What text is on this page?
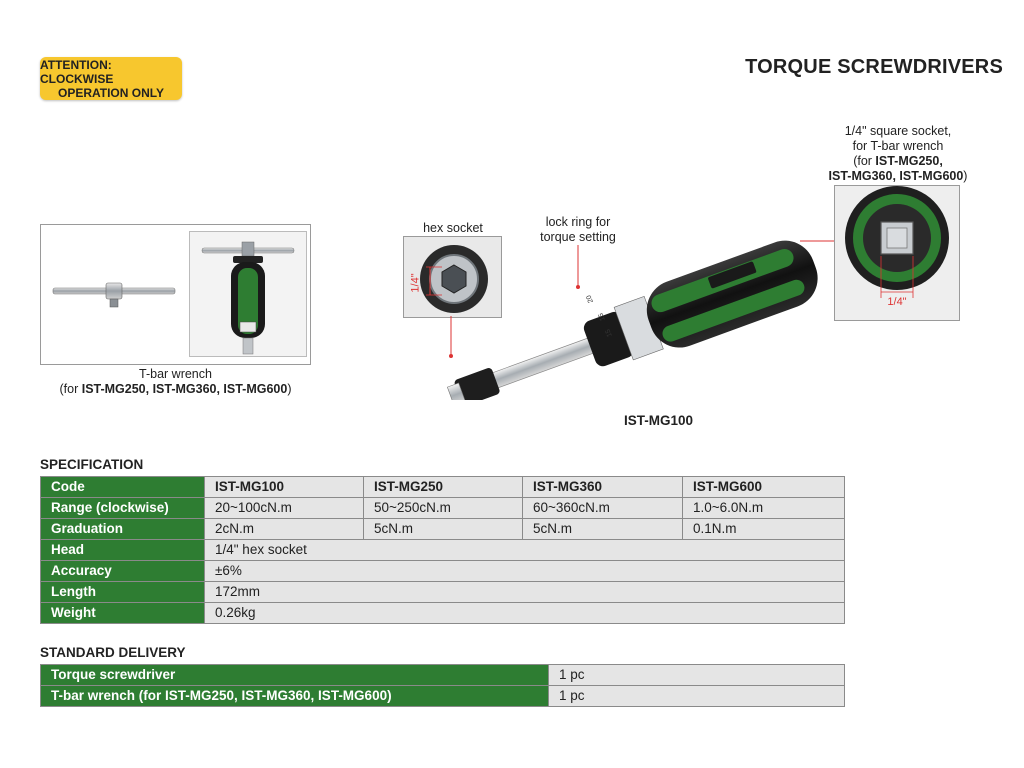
ATTENTION: CLOCKWISE
OPERATION ONLY
TORQUE SCREWDRIVERS
T-bar wrench
(for IST-MG250, IST-MG360, IST-MG600)
hex socket
1/4"
lock ring for
torque setting
INSIZE
20
16
15
1/4" square socket,
for T-bar wrench
(for IST-MG250,
IST-MG360, IST-MG600)
1/4"
IST-MG100
SPECIFICATION
Code	IST-MG100	IST-MG250	IST-MG360	IST-MG600
Range (clockwise)	20~100cN.m	50~250cN.m	60~360cN.m	1.0~6.0N.m
Graduation	2cN.m	5cN.m	5cN.m	0.1N.m
Head	1/4" hex socket			
Accuracy	±6%			
Length	172mm			
Weight	0.26kg			
STANDARD DELIVERY
Torque screwdriver	1 pc
T-bar wrench (for IST-MG250, IST-MG360, IST-MG600)	1 pc
